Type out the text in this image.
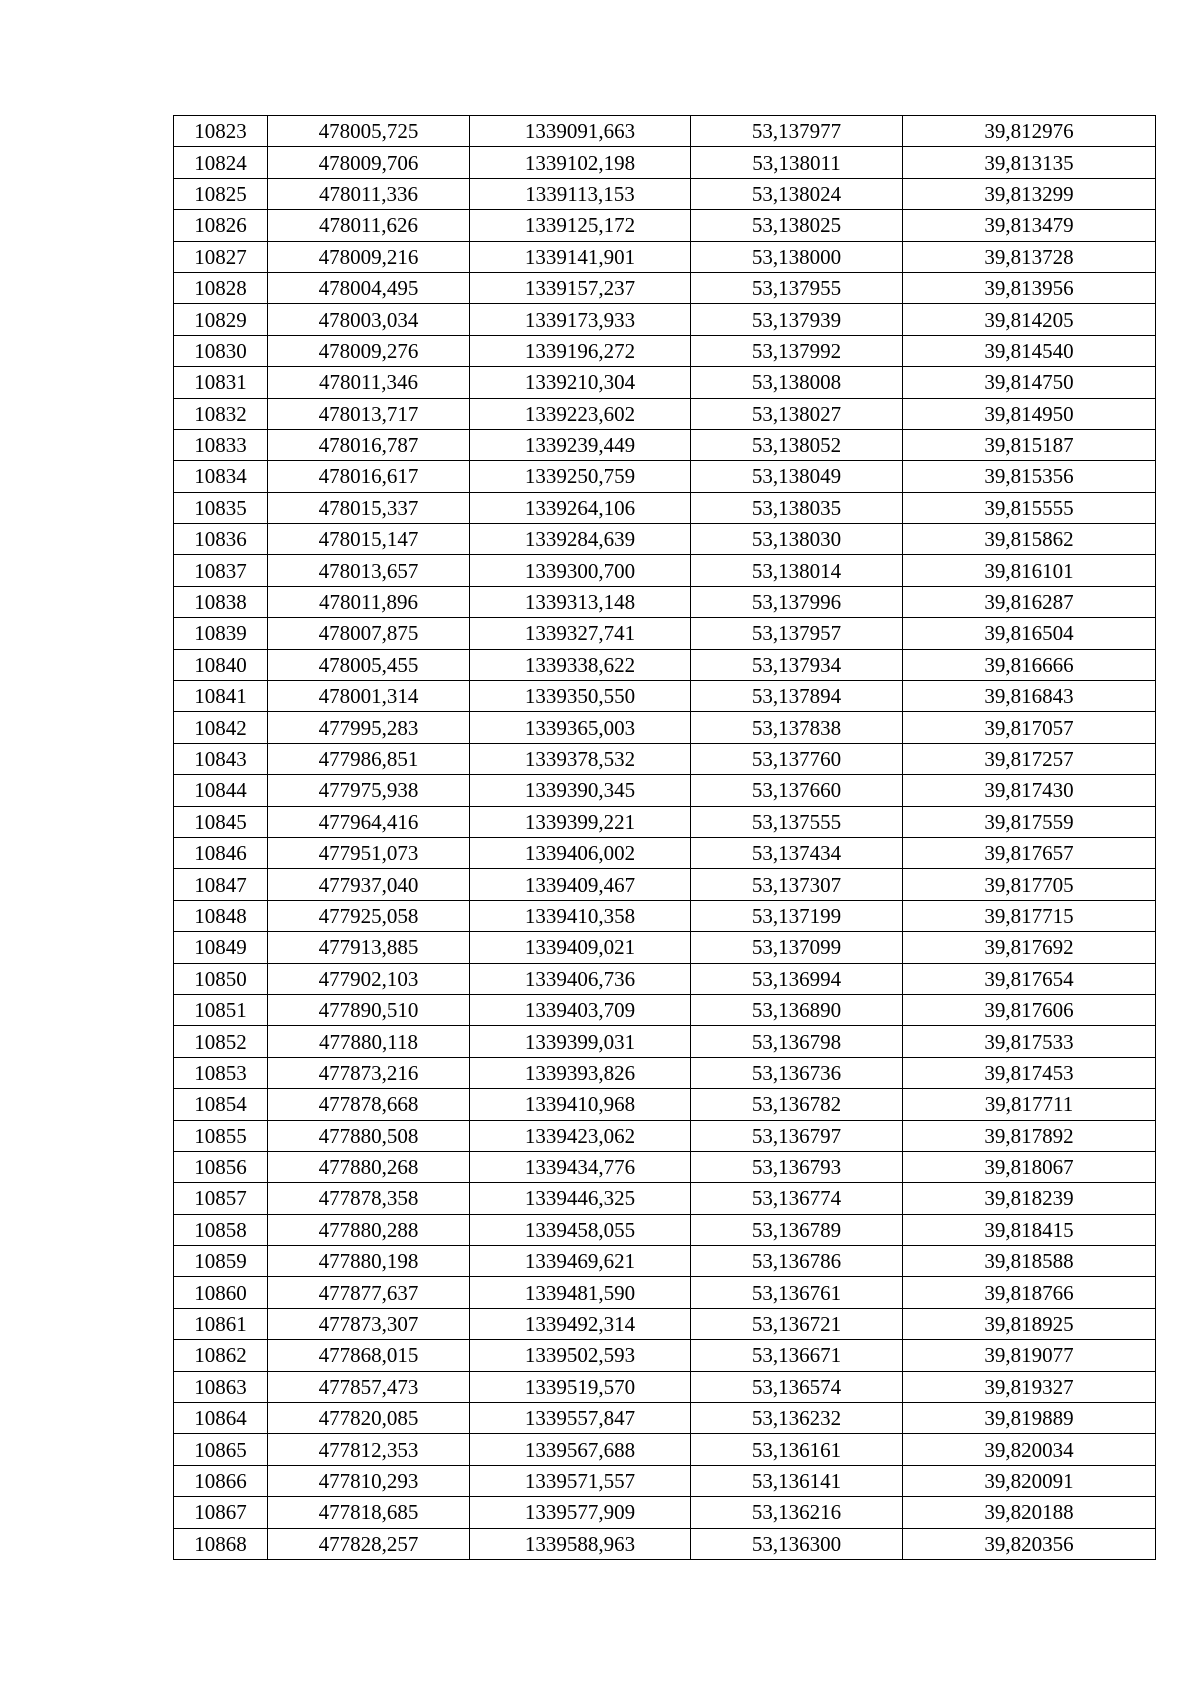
10823	478005,725	1339091,663	53,137977	39,812976
10824	478009,706	1339102,198	53,138011	39,813135
10825	478011,336	1339113,153	53,138024	39,813299
10826	478011,626	1339125,172	53,138025	39,813479
10827	478009,216	1339141,901	53,138000	39,813728
10828	478004,495	1339157,237	53,137955	39,813956
10829	478003,034	1339173,933	53,137939	39,814205
10830	478009,276	1339196,272	53,137992	39,814540
10831	478011,346	1339210,304	53,138008	39,814750
10832	478013,717	1339223,602	53,138027	39,814950
10833	478016,787	1339239,449	53,138052	39,815187
10834	478016,617	1339250,759	53,138049	39,815356
10835	478015,337	1339264,106	53,138035	39,815555
10836	478015,147	1339284,639	53,138030	39,815862
10837	478013,657	1339300,700	53,138014	39,816101
10838	478011,896	1339313,148	53,137996	39,816287
10839	478007,875	1339327,741	53,137957	39,816504
10840	478005,455	1339338,622	53,137934	39,816666
10841	478001,314	1339350,550	53,137894	39,816843
10842	477995,283	1339365,003	53,137838	39,817057
10843	477986,851	1339378,532	53,137760	39,817257
10844	477975,938	1339390,345	53,137660	39,817430
10845	477964,416	1339399,221	53,137555	39,817559
10846	477951,073	1339406,002	53,137434	39,817657
10847	477937,040	1339409,467	53,137307	39,817705
10848	477925,058	1339410,358	53,137199	39,817715
10849	477913,885	1339409,021	53,137099	39,817692
10850	477902,103	1339406,736	53,136994	39,817654
10851	477890,510	1339403,709	53,136890	39,817606
10852	477880,118	1339399,031	53,136798	39,817533
10853	477873,216	1339393,826	53,136736	39,817453
10854	477878,668	1339410,968	53,136782	39,817711
10855	477880,508	1339423,062	53,136797	39,817892
10856	477880,268	1339434,776	53,136793	39,818067
10857	477878,358	1339446,325	53,136774	39,818239
10858	477880,288	1339458,055	53,136789	39,818415
10859	477880,198	1339469,621	53,136786	39,818588
10860	477877,637	1339481,590	53,136761	39,818766
10861	477873,307	1339492,314	53,136721	39,818925
10862	477868,015	1339502,593	53,136671	39,819077
10863	477857,473	1339519,570	53,136574	39,819327
10864	477820,085	1339557,847	53,136232	39,819889
10865	477812,353	1339567,688	53,136161	39,820034
10866	477810,293	1339571,557	53,136141	39,820091
10867	477818,685	1339577,909	53,136216	39,820188
10868	477828,257	1339588,963	53,136300	39,820356
